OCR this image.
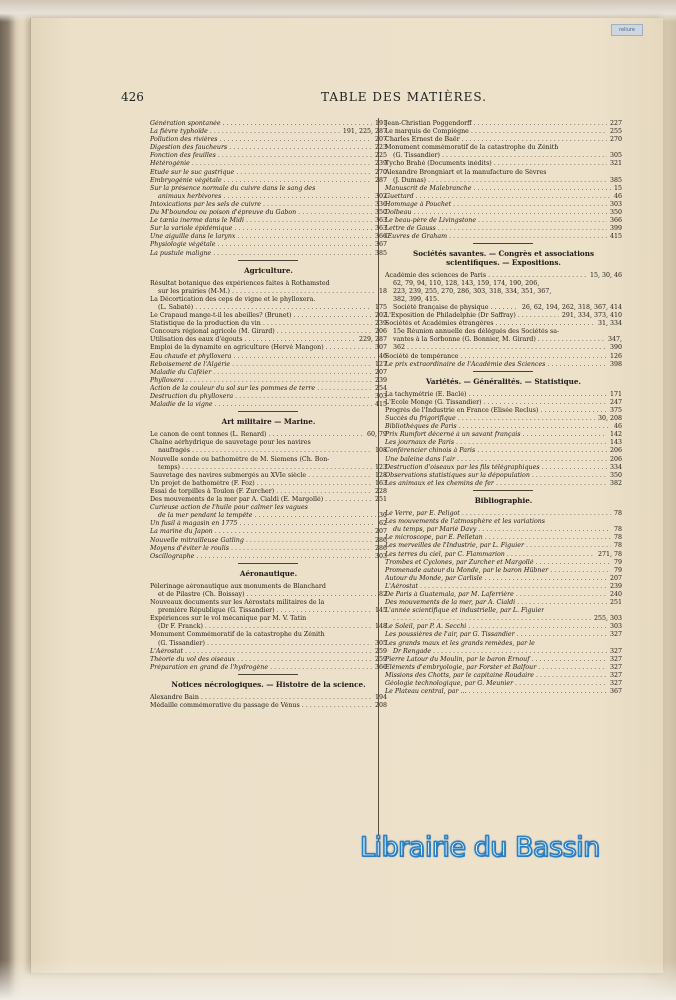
reliure
426	TABLE DES MATIÈRES.
Génération spontanée . . .	191
La fièvre typhoïde . . .	191, 225, 287
Pollution des rivières . . .	207
Digestion des faucheurs . . .	223
Fonction des feuilles . . .	225
Hétérogénie . . .	239
Étude sur le suc gastrique . . .	270
Embryogénie végétale . . .	287
Sur la présence normale du cuivre dans le sang des
animaux herbivores . . .	302
Intoxications par les sels de cuivre . . .	336
Du M'boundou ou poison d'épreuve du Gabon . . .	350
Le tænia inerme dans le Midi . . .	363
Sur la variole épidémique . . .	363
Une aiguille dans le larynx . . .	366
Physiologie végétale . . .	367
La pustule maligne . . .	385
Agriculture.
Résultat botanique des expériences faites à Rothamsted
sur les prairies (M-M.) . . .	18
La Décortication des ceps de vigne et le phylloxera.
(L. Sabaté) . . .	175
Le Crapaud mange-t-il les abeilles? (Brunet) . . .	202
Statistique de la production du vin . . .	239
Concours régional agricole (M. Girard) . . .	206
Utilisation des eaux d'égouts . . .	229, 287
Emploi de la dynamite en agriculture (Hervé Mangon) . . .	307
Eau chaude et phylloxera . . .	46
Reboisement de l'Algérie . . .	127
Maladie du Caféier . . .	207
Phylloxera . . .	239
Action de la couleur du sol sur les pommes de terre . . .	254
Destruction du phylloxera . . .	303
Maladie de la vigne . . .	415
Art militaire — Marine.
Le canon de cent tonnes (L. Renard) . . .	60, 79
Chaîne aérhydrique de sauvetage pour les navires
naufragés . . .	108
Nouvelle sonde ou bathomètre de M. Siemens (Ch. Bon-
temps) . . .	123
Sauvetage des navires submergés au XVIe siècle . . .	128
Un projet de bathomètre (F. Foz) . . .	163
Essai de torpilles à Toulon (F. Zurcher) . . .	228
Des mouvements de la mer par A. Cialdi (E. Margollé) . . .	251
Curieuse action de l'huile pour calmer les vagues
de la mer pendant la tempête . . .	30
Un fusil à magasin en 1775 . . .	62
La marine du Japon . . .	207
Nouvelle mitrailleuse Gatling . . .	286
Moyens d'éviter le roulis . . .	286
Oscillographe . . .	303
Aéronautique.
Pèlerinage aéronautique aux monuments de Blanchard
et de Pilastre (Ch. Boissay) . . .	82
Nouveaux documents sur les Aérostats militaires de la
première République (G. Tissandier) . . .	145
Expériences sur le vol mécanique par M. V. Tatin
(Dr F. Franck) . . .	148
Monument Commémoratif de la catastrophe du Zénith
(G. Tissandier) . . .	305
L'Aérostat . . .	259
Théorie du vol des oiseaux . . .	259
Préparation en grand de l'hydrogène . . .	366
Notices nécrologiques. — Histoire de la science.
Alexandre Bain . . .	194
Médaille commémorative du passage de Vénus . . .	208
Jean-Christian Poggendorff . . .	227
Le marquis de Compiègne . . .	255
Charles Ernest de Baër . . .	270
Monument commémoratif de la catastrophe du Zénith
(G. Tissandier) . . .	305
Tycho Brahé (Documents inédits) . . .	321
Alexandre Brongniart et la manufacture de Sèvres
(J. Dumas) . . .	385
Manuscrit de Malebranche . . .	15
Guettard . . .	46
Hommage à Pouchet . . .	303
Dolbeau . . .	350
Le beau-père de Livingstone . . .	366
Lettre de Gauss . . .	399
Œuvres de Graham . . .	415
Sociétés savantes. — Congrès et associations scientifiques. — Expositions.
Académie des sciences de Paris . . .	15, 30, 46
62, 79, 94, 110, 128, 143, 159, 174, 190, 206,
223, 239, 255, 270, 286, 303, 318, 334, 351, 367,
382, 399, 415.
Société française de physique . . .	26, 62, 194, 262, 318, 367, 414
L'Exposition de Philadelphie (Dr Saffray) . . .	291, 334, 373, 410
Sociétés et Académies étrangères . . .	31, 334
15e Réunion annuelle des délégués des Sociétés sa-
vantes à la Sorbonne (G. Bonnier, M. Girard) . . .	347,
362 . . .	390
Société de tempérance . . .	126
Le prix extraordinaire de l'Académie des Sciences . . .	398
Variétés. — Généralités. — Statistique.
La tachymétrie (E. Baclé) . . .	171
L'École Monge (G. Tissandier) . . .	247
Progrès de l'Industrie en France (Elisée Reclus) . . .	375
Succès du frigorifique . . .	30, 208
Bibliothèques de Paris . . .	46
Prix Rumfort décerné à un savant français . . .	142
Les journaux de Paris . . .	143
Conférencier chinois à Paris . . .	206
Une baleine dans l'air . . .	206
Destruction d'oiseaux par les fils télégraphiques . . .	334
Observations statistiques sur la dépopulation . . .	350
Les animaux et les chemins de fer . . .	382
Bibliographie.
Le Verre, par E. Peligot . . .	78
Les mouvements de l'atmosphère et les variations
du temps, par Marié Davy . . .	78
Le microscope, par E. Pelletan . . .	78
Les merveilles de l'Industrie, par L. Figuier . . .	78
Les terres du ciel, par C. Flammarion . . .	271, 78
Trombes et Cyclones, par Zurcher et Margollé . . .	79
Promenade autour du Monde, par le baron Hübner . . .	79
Autour du Monde, par Carlisle . . .	207
L'Aérostat . . .	239
De Paris à Guatemala, par M. Laferrière . . .	240
Des mouvements de la mer, par A. Cialdi . . .	251
L'année scientifique et industrielle, par L. Figuier
. . .
255, 303
Le Soleil, par P. A. Secchi . . .	303
Les poussières de l'air, par G. Tissandier . . .	327
Les grands maux et les grands remèdes, par le
Dr Rengade . . .	327
Pierre Latour du Moulin, par le baron Ernouf . . .	327
Éléments d'embryologie, par Forster et Balfour . . .	327
Missions des Chotts, par le capitaine Roudaire . . .	327
Géologie technologique, par G. Meunier . . .	327
Le Plateau central, par ... . . .	367
Librairie du Bassin
